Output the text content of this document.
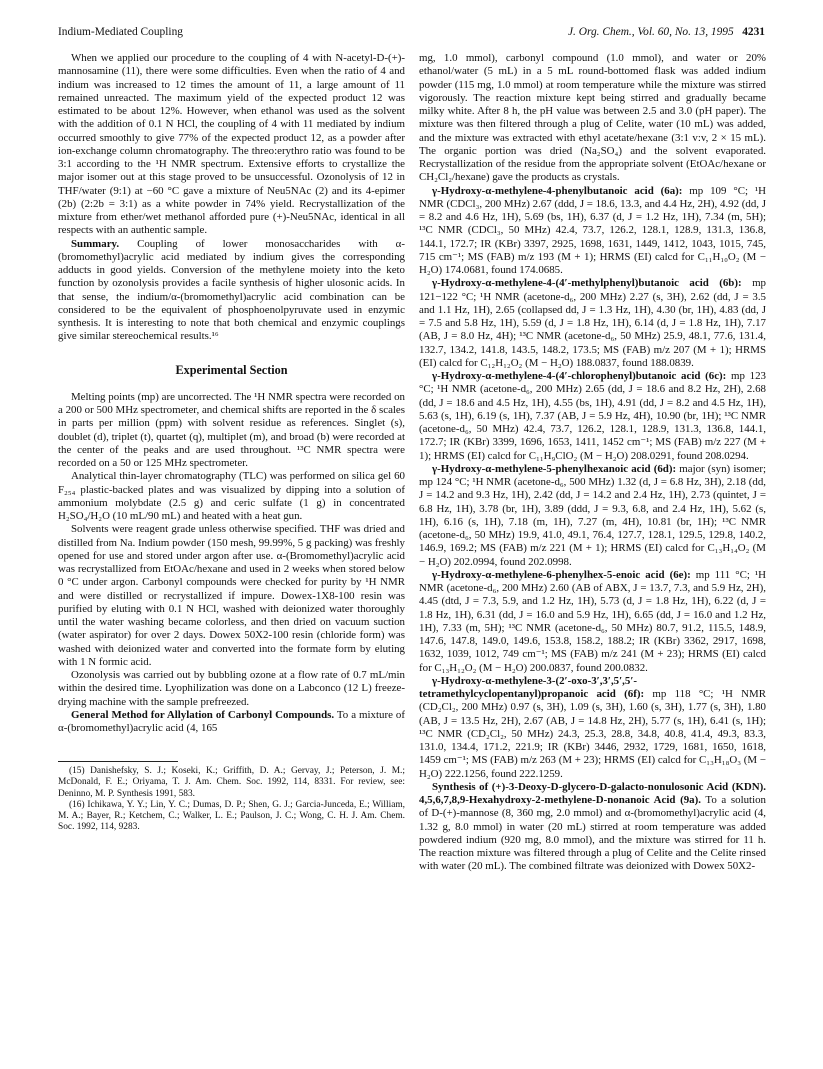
Indium-Mediated Coupling	J. Org. Chem., Vol. 60, No. 13, 1995 4231

When we applied our procedure to the coupling of 4 with N-acetyl-D-(+)-mannosamine (11), there were some difficulties. Even when the ratio of 4 and indium was increased to 12 times the amount of 11, a large amount of 11 remained unreacted. The maximum yield of the expected product 12 was estimated to be about 12%. However, when ethanol was used as the solvent with the addition of 0.1 N HCl, the coupling of 4 with 11 mediated by indium occurred smoothly to give 77% of the expected product 12, as a powder after ion-exchange column chromatography. The threo:erythro ratio was found to be 3:1 according to the ¹H NMR spectrum. Extensive efforts to crystallize the major isomer out at this stage proved to be unsuccessful. Ozonolysis of 12 in THF/water (9:1) at −60 °C gave a mixture of Neu5NAc (2) and its 4-epimer (2b) (2:2b = 3:1) as a white powder in 74% yield. Recrystallization of the mixture from ether/wet methanol afforded pure (+)-Neu5NAc, identical in all respects with an authentic sample.

Summary. Coupling of lower monosaccharides with α-(bromomethyl)acrylic acid mediated by indium gives the corresponding adducts in good yields. Conversion of the methylene moiety into the keto function by ozonolysis provides a facile synthesis of higher ulosonic acids. In that sense, the indium/α-(bromomethyl)acrylic acid combination can be considered to be the equivalent of phosphoenolpyruvate used in enzymic synthesis. It is interesting to note that both chemical and enzymic couplings give similar stereochemical results.¹⁶

Experimental Section

Melting points (mp) are uncorrected. The ¹H NMR spectra were recorded on a 200 or 500 MHz spectrometer, and chemical shifts are reported in the δ scales in parts per million (ppm) with solvent residue as references. Singlet (s), doublet (d), triplet (t), quartet (q), multiplet (m), and broad (b) were recorded at the center of the peaks and are used throughout. ¹³C NMR spectra were recorded on a 50 or 125 MHz spectrometer.

Analytical thin-layer chromatography (TLC) was performed on silica gel 60 F₂₅₄ plastic-backed plates and was visualized by dipping into a solution of ammonium molybdate (2.5 g) and ceric sulfate (1 g) in concentrated H₂SO₄/H₂O (10 mL/90 mL) and heated with a heat gun.

Solvents were reagent grade unless otherwise specified. THF was dried and distilled from Na. Indium powder (150 mesh, 99.99%, 5 g packing) was freshly opened for use and stored under argon after use. α-(Bromomethyl)acrylic acid was recrystallized from EtOAc/hexane and used in 2 weeks when stored below 0 °C under argon. Carbonyl compounds were checked for purity by ¹H NMR and were distilled or recrystallized if impure. Dowex-1X8-100 resin was purified by eluting with 0.1 N HCl, washed with deionized water thoroughly until the water washing became colorless, and then dried on vacuum suction (water aspirator) for over 2 days. Dowex 50X2-100 resin (chloride form) was washed with deionized water and converted into the formate form by eluting with 1 N formic acid.

Ozonolysis was carried out by bubbling ozone at a flow rate of 0.7 mL/min within the desired time. Lyophilization was done on a Labconco (12 L) freeze-drying machine with the sample prefreezed.

General Method for Allylation of Carbonyl Compounds. To a mixture of α-(bromomethyl)acrylic acid (4, 165

(15) Danishefsky, S. J.; Koseki, K.; Griffith, D. A.; Gervay, J.; Peterson, J. M.; McDonald, F. E.; Oriyama, T. J. Am. Chem. Soc. 1992, 114, 8331. For review, see: Deninno, M. P. Synthesis 1991, 583.

(16) Ichikawa, Y. Y.; Lin, Y. C.; Dumas, D. P.; Shen, G. J.; Garcia-Junceda, E.; William, M. A.; Bayer, R.; Ketchem, C.; Walker, L. E.; Paulson, J. C.; Wong, C. H. J. Am. Chem. Soc. 1992, 114, 9283.

mg, 1.0 mmol), carbonyl compound (1.0 mmol), and water or 20% ethanol/water (5 mL) in a 5 mL round-bottomed flask was added indium powder (115 mg, 1.0 mmol) at room temperature while the mixture was stirred vigorously. The reaction mixture kept being stirred and gradually became milky white. After 8 h, the pH value was between 2.5 and 3.0 (pH paper). The mixture was then filtered through a plug of Celite, water (10 mL) was added, and the mixture was extracted with ethyl acetate/hexane (3:1 v:v, 2 × 15 mL). The organic portion was dried (Na₂SO₄) and the solvent evaporated. Recrystallization of the residue from the appropriate solvent (EtOAc/hexane or CH₂Cl₂/hexane) gave the products as crystals.

γ-Hydroxy-α-methylene-4-phenylbutanoic acid (6a): mp 109 °C; ¹H NMR (CDCl₃, 200 MHz) 2.67 (ddd, J = 18.6, 13.3, and 4.4 Hz, 2H), 4.92 (dd, J = 8.2 and 4.6 Hz, 1H), 5.69 (bs, 1H), 6.37 (d, J = 1.2 Hz, 1H), 7.34 (m, 5H); ¹³C NMR (CDCl₃, 50 MHz) 42.4, 73.7, 126.2, 128.1, 128.9, 131.3, 136.8, 144.1, 172.7; IR (KBr) 3397, 2925, 1698, 1631, 1449, 1412, 1043, 1015, 745, 715 cm⁻¹; MS (FAB) m/z 193 (M + 1); HRMS (EI) calcd for C₁₁H₁₀O₂ (M − H₂O) 174.0681, found 174.0685.

γ-Hydroxy-α-methylene-4-(4′-methylphenyl)butanoic acid (6b): mp 121−122 °C; ¹H NMR (acetone-d₆, 200 MHz) 2.27 (s, 3H), 2.62 (dd, J = 3.5 and 1.1 Hz, 1H), 2.65 (collapsed dd, J = 1.3 Hz, 1H), 4.30 (br, 1H), 4.83 (dd, J = 7.5 and 5.8 Hz, 1H), 5.59 (d, J = 1.8 Hz, 1H), 6.14 (d, J = 1.8 Hz, 1H), 7.17 (AB, J = 8.0 Hz, 4H); ¹³C NMR (acetone-d₆, 50 MHz) 25.9, 48.1, 77.6, 131.4, 132.7, 134.2, 141.8, 143.5, 148.2, 173.5; MS (FAB) m/z 207 (M + 1); HRMS (EI) calcd for C₁₂H₁₂O₂ (M − H₂O) 188.0837, found 188.0839.

γ-Hydroxy-α-methylene-4-(4′-chlorophenyl)butanoic acid (6c): mp 123 °C; ¹H NMR (acetone-d₆, 200 MHz) 2.65 (dd, J = 18.6 and 8.2 Hz, 2H), 2.68 (dd, J = 18.6 and 4.5 Hz, 1H), 4.55 (bs, 1H), 4.91 (dd, J = 8.2 and 4.5 Hz, 1H), 5.63 (s, 1H), 6.19 (s, 1H), 7.37 (AB, J = 5.9 Hz, 4H), 10.90 (br, 1H); ¹³C NMR (acetone-d₆, 50 MHz) 42.4, 73.7, 126.2, 128.1, 128.9, 131.3, 136.8, 144.1, 172.7; IR (KBr) 3399, 1696, 1653, 1411, 1452 cm⁻¹; MS (FAB) m/z 227 (M + 1); HRMS (EI) calcd for C₁₁H₉ClO₂ (M − H₂O) 208.0291, found 208.0294.

γ-Hydroxy-α-methylene-5-phenylhexanoic acid (6d): major (syn) isomer; mp 124 °C; ¹H NMR (acetone-d₆, 500 MHz) 1.32 (d, J = 6.8 Hz, 3H), 2.18 (dd, J = 14.2 and 9.3 Hz, 1H), 2.42 (dd, J = 14.2 and 2.4 Hz, 1H), 2.73 (quintet, J = 6.8 Hz, 1H), 3.78 (br, 1H), 3.89 (ddd, J = 9.3, 6.8, and 2.4 Hz, 1H), 5.62 (s, 1H), 6.16 (s, 1H), 7.18 (m, 1H), 7.27 (m, 4H), 10.81 (br, 1H); ¹³C NMR (acetone-d₆, 50 MHz) 19.9, 41.0, 49.1, 76.4, 127.7, 128.1, 129.5, 129.8, 140.2, 146.9, 169.2; MS (FAB) m/z 221 (M + 1); HRMS (EI) calcd for C₁₃H₁₄O₂ (M − H₂O) 202.0994, found 202.0998.

γ-Hydroxy-α-methylene-6-phenylhex-5-enoic acid (6e): mp 111 °C; ¹H NMR (acetone-d₆, 200 MHz) 2.60 (AB of ABX, J = 13.7, 7.3, and 5.9 Hz, 2H), 4.45 (dtd, J = 7.3, 5.9, and 1.2 Hz, 1H), 5.73 (d, J = 1.8 Hz, 1H), 6.22 (d, J = 1.8 Hz, 1H), 6.31 (dd, J = 16.0 and 5.9 Hz, 1H), 6.65 (dd, J = 16.0 and 1.2 Hz, 1H), 7.33 (m, 5H); ¹³C NMR (acetone-d₆, 50 MHz) 80.7, 91.2, 115.5, 148.9, 147.6, 147.8, 149.0, 149.6, 153.8, 158.2, 188.2; IR (KBr) 3362, 2917, 1698, 1632, 1039, 1012, 749 cm⁻¹; MS (FAB) m/z 241 (M + 23); HRMS (EI) calcd for C₁₃H₁₂O₂ (M − H₂O) 200.0837, found 200.0832.

γ-Hydroxy-α-methylene-3-(2′-oxo-3′,3′,5′,5′-tetramethylcyclopentanyl)propanoic acid (6f): mp 118 °C; ¹H NMR (CD₂Cl₂, 200 MHz) 0.97 (s, 3H), 1.09 (s, 3H), 1.60 (s, 3H), 1.77 (s, 3H), 1.80 (AB, J = 13.5 Hz, 2H), 2.67 (AB, J = 14.8 Hz, 2H), 5.77 (s, 1H), 6.41 (s, 1H); ¹³C NMR (CD₂Cl₂, 50 MHz) 24.3, 25.3, 28.8, 34.8, 40.8, 41.4, 49.3, 83.3, 131.0, 134.4, 171.2, 221.9; IR (KBr) 3446, 2932, 1729, 1681, 1650, 1618, 1459 cm⁻¹; MS (FAB) m/z 263 (M + 23); HRMS (EI) calcd for C₁₃H₁₈O₃ (M − H₂O) 222.1256, found 222.1259.

Synthesis of (+)-3-Deoxy-D-glycero-D-galacto-nonulosonic Acid (KDN). 4,5,6,7,8,9-Hexahydroxy-2-methylene-D-nonanoic Acid (9a). To a solution of D-(+)-mannose (8, 360 mg, 2.0 mmol) and α-(bromomethyl)acrylic acid (4, 1.32 g, 8.0 mmol) in water (20 mL) stirred at room temperature was added powdered indium (920 mg, 8.0 mmol), and the mixture was stirred for 11 h. The reaction mixture was filtered through a plug of Celite and the Celite rinsed with water (20 mL). The combined filtrate was deionized with Dowex 50X2-
